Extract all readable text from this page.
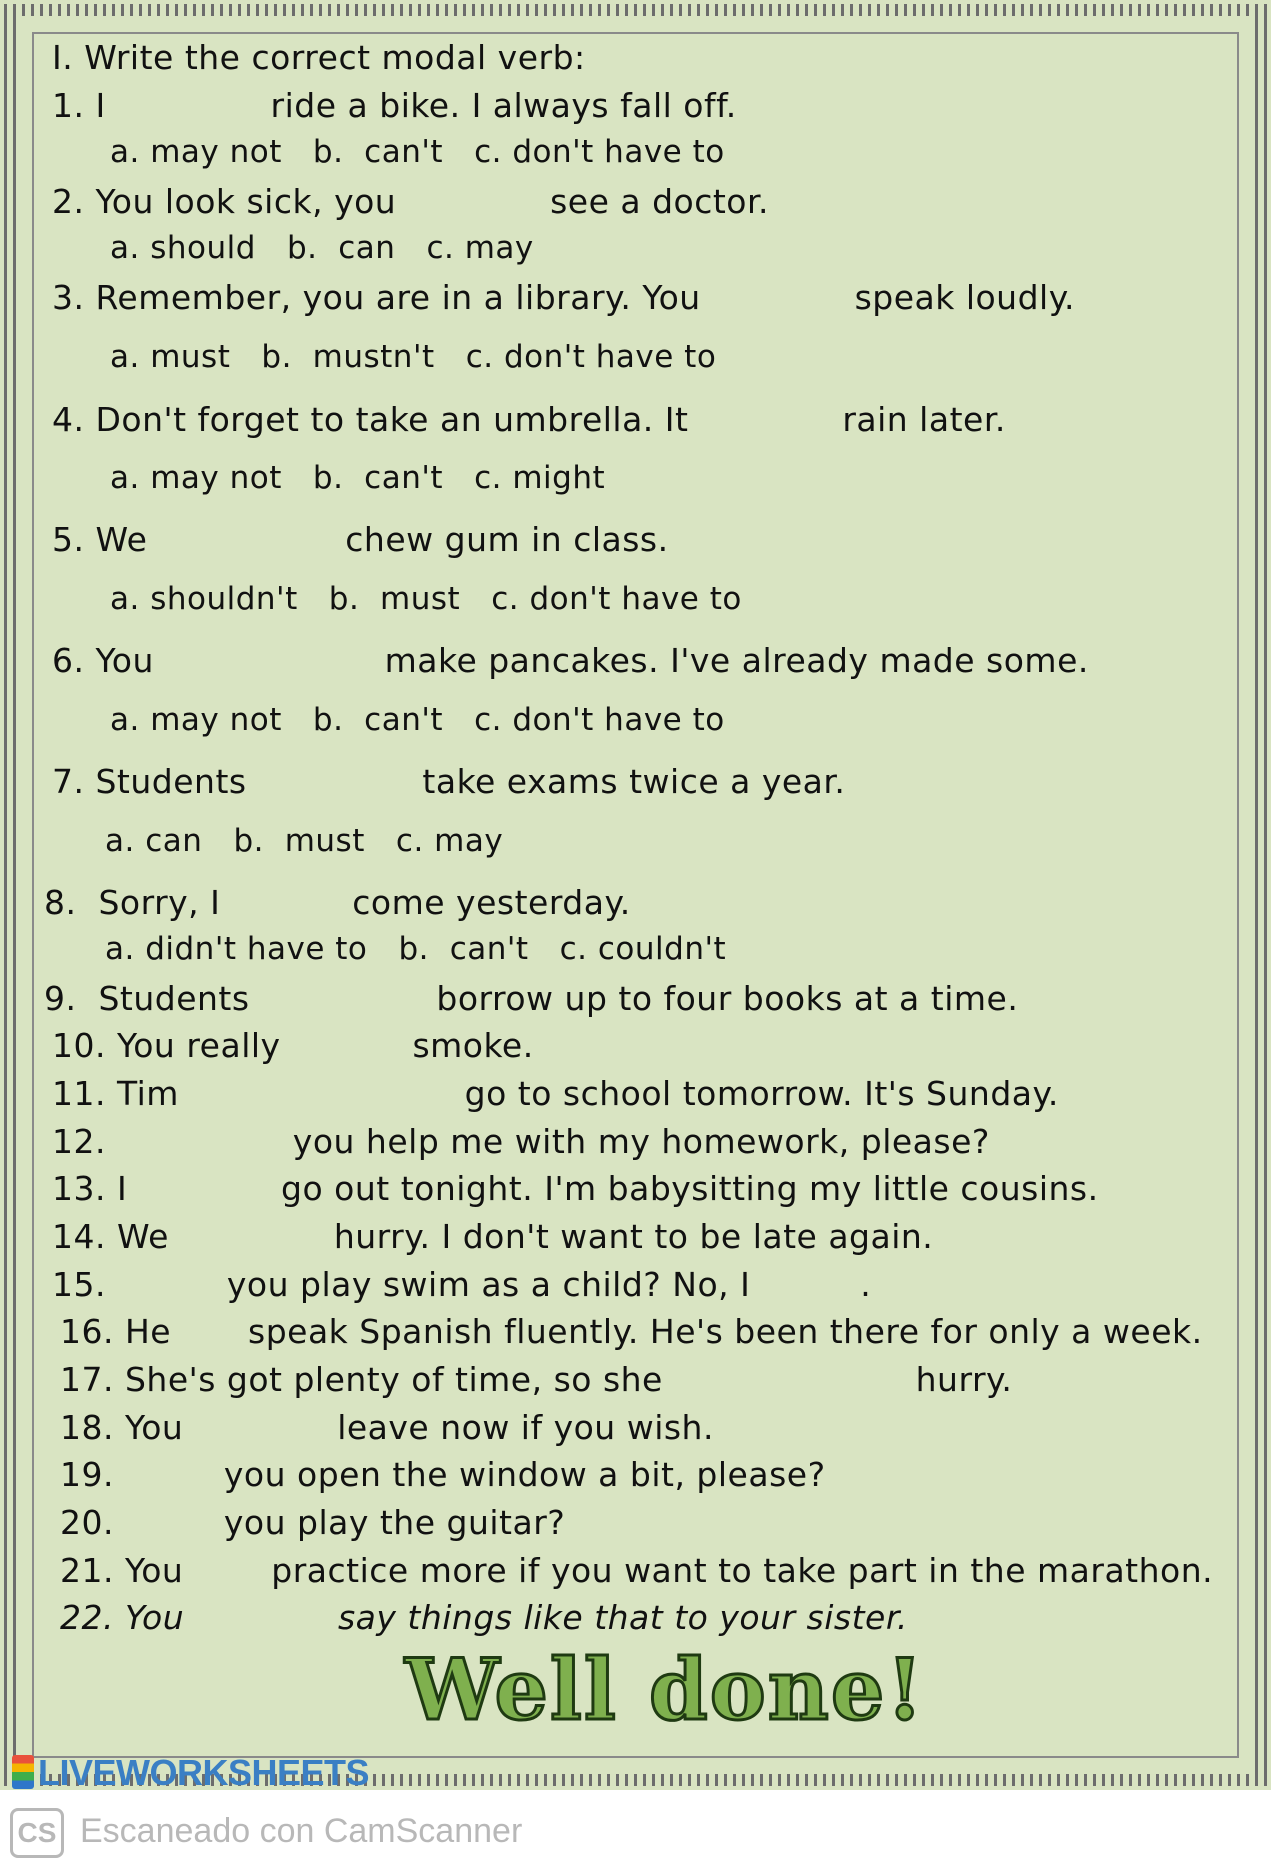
I. Write the correct modal verb:
1. I               ride a bike. I always fall off.
a. may not   b.  can't   c. don't have to
2. You look sick, you              see a doctor.
a. should   b.  can   c. may
3. Remember, you are in a library. You              speak loudly.
a. must   b.  mustn't   c. don't have to
4. Don't forget to take an umbrella. It              rain later.
a. may not   b.  can't   c. might
5. We                  chew gum in class.
a. shouldn't   b.  must   c. don't have to
6. You                     make pancakes. I've already made some.
a. may not   b.  can't   c. don't have to
7. Students                take exams twice a year.
a. can   b.  must   c. may
8.  Sorry, I            come yesterday.
a. didn't have to   b.  can't   c. couldn't
9.  Students                 borrow up to four books at a time.
10. You really            smoke.
11. Tim                          go to school tomorrow. It's Sunday.
12.                 you help me with my homework, please?
13. I              go out tonight. I'm babysitting my little cousins.
14. We               hurry. I don't want to be late again.
15.           you play swim as a child? No, I          .
16. He       speak Spanish fluently. He's been there for only a week.
17. She's got plenty of time, so she                       hurry.
18. You              leave now if you wish.
19.          you open the window a bit, please?
20.          you play the guitar?
21. You        practice more if you want to take part in the marathon.
22. You              say things like that to your sister.
Well done!
LIVEWORKSHEETS
CS Escaneado con CamScanner
